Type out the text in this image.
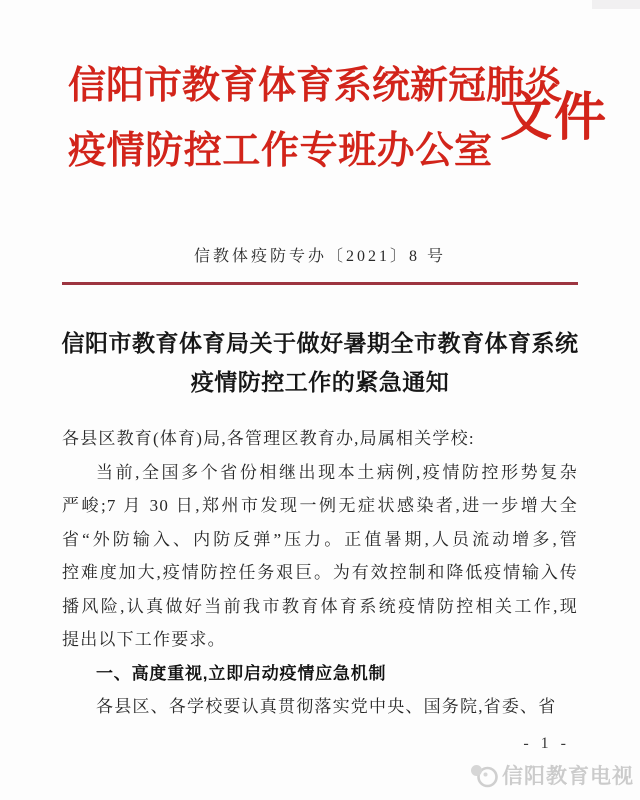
信阳市教育体育系统新冠肺炎
疫情防控工作专班办公室
文件
信教体疫防专办〔2021〕8 号
信阳市教育体育局关于做好暑期全市教育体育系统
疫情防控工作的紧急通知
各县区教育(体育)局,各管理区教育办,局属相关学校:
当前,全国多个省份相继出现本土病例,疫情防控形势复杂
严峻;7 月 30 日,郑州市发现一例无症状感染者,进一步增大全
省“外防输入、内防反弹”压力。正值暑期,人员流动增多,管
控难度加大,疫情防控任务艰巨。为有效控制和降低疫情输入传
播风险,认真做好当前我市教育体育系统疫情防控相关工作,现
提出以下工作要求。
一、高度重视,立即启动疫情应急机制
各县区、各学校要认真贯彻落实党中央、国务院,省委、省
- 1 -
信阳教育电视
